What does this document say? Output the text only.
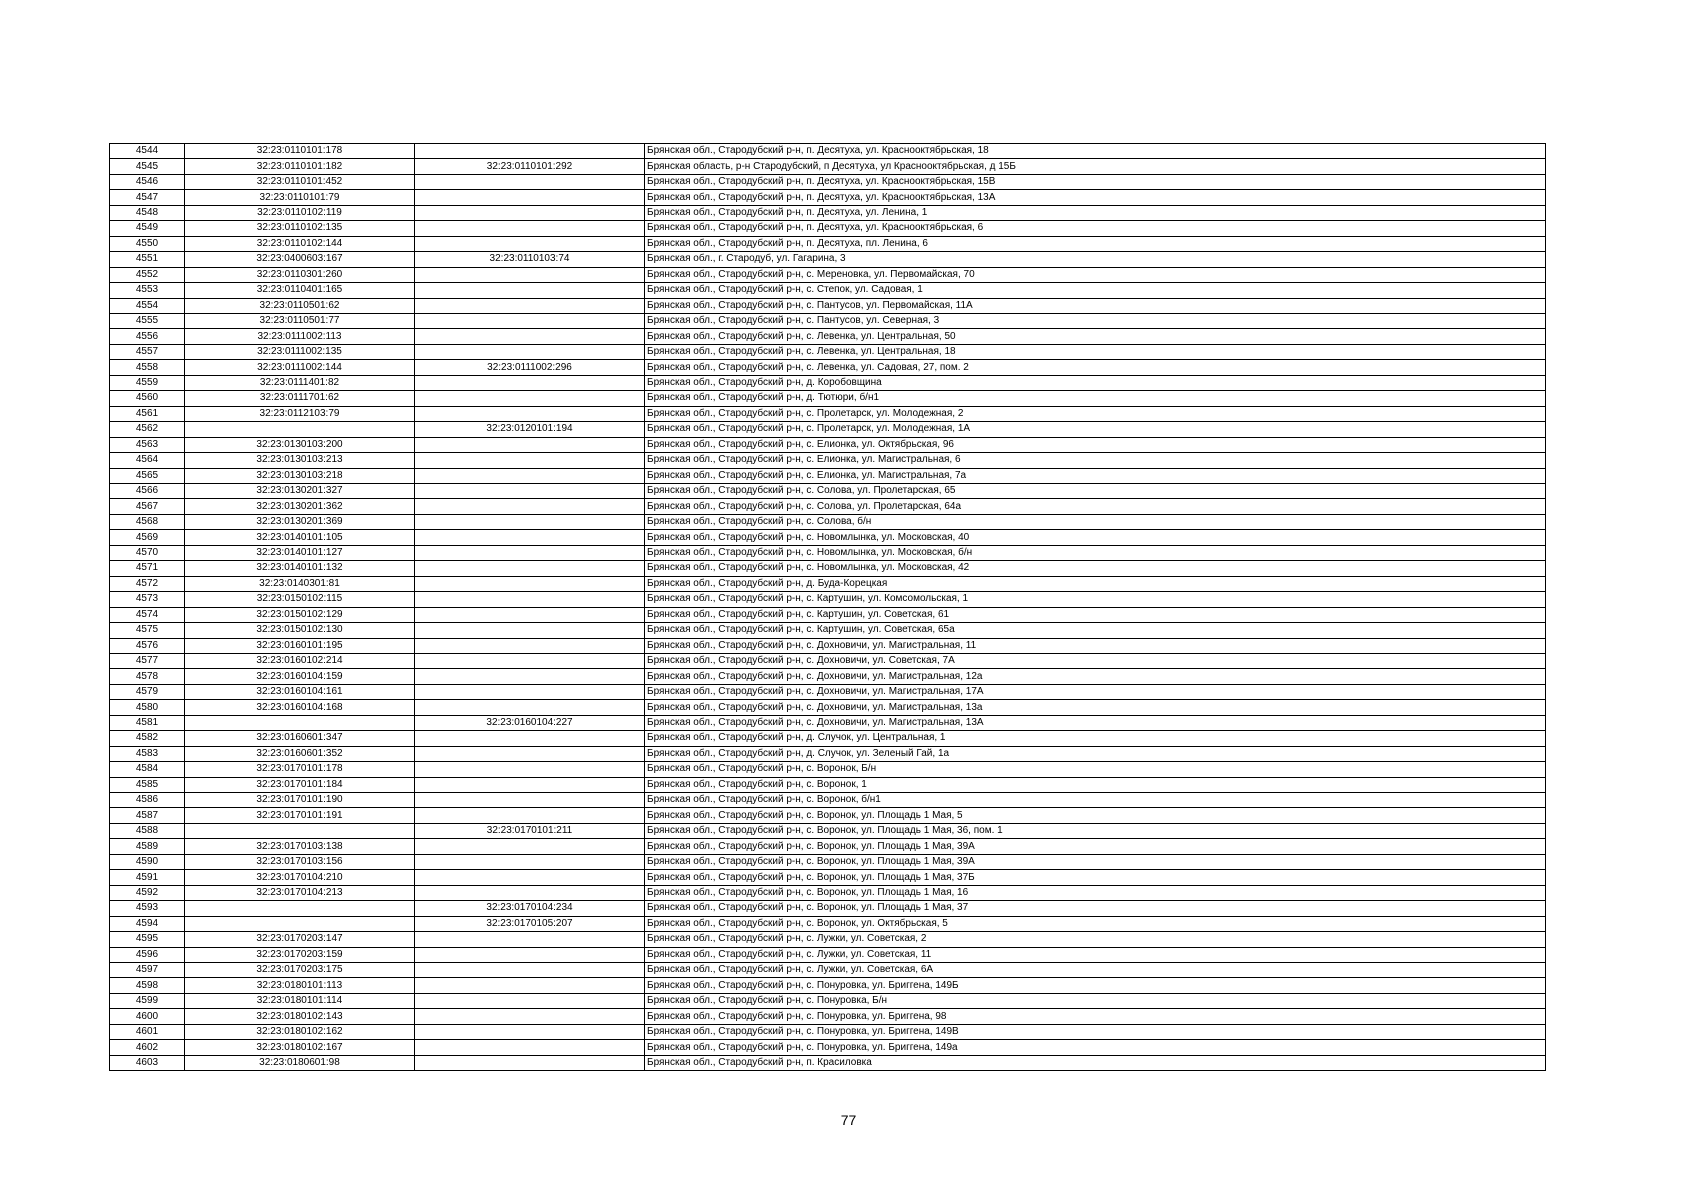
4544	32:23:0110101:178		Брянская обл., Стародубский р-н, п. Десятуха, ул. Краснооктябрьская, 18
4545	32:23:0110101:182	32:23:0110101:292	Брянская область, р-н Стародубский, п Десятуха, ул Краснооктябрьская, д 15Б
4546	32:23:0110101:452		Брянская обл., Стародубский р-н, п. Десятуха, ул. Краснооктябрьская, 15В
4547	32:23:0110101:79		Брянская обл., Стародубский р-н, п. Десятуха, ул. Краснооктябрьская, 13А
4548	32:23:0110102:119		Брянская обл., Стародубский р-н, п. Десятуха, ул. Ленина, 1
4549	32:23:0110102:135		Брянская обл., Стародубский р-н, п. Десятуха, ул. Краснооктябрьская, 6
4550	32:23:0110102:144		Брянская обл., Стародубский р-н, п. Десятуха, пл. Ленина, 6
4551	32:23:0400603:167	32:23:0110103:74	Брянская обл., г. Стародуб, ул. Гагарина, 3
4552	32:23:0110301:260		Брянская обл., Стародубский р-н, с. Мереновка, ул. Первомайская, 70
4553	32:23:0110401:165		Брянская обл., Стародубский р-н, с. Степок, ул. Садовая, 1
4554	32:23:0110501:62		Брянская обл., Стародубский р-н, с. Пантусов, ул. Первомайская, 11А
4555	32:23:0110501:77		Брянская обл., Стародубский р-н, с. Пантусов, ул. Северная, 3
4556	32:23:0111002:113		Брянская обл., Стародубский р-н, с. Левенка, ул. Центральная, 50
4557	32:23:0111002:135		Брянская обл., Стародубский р-н, с. Левенка, ул. Центральная, 18
4558	32:23:0111002:144	32:23:0111002:296	Брянская обл., Стародубский р-н, с. Левенка, ул. Садовая, 27, пом. 2
4559	32:23:0111401:82		Брянская обл., Стародубский р-н, д. Коробовщина
4560	32:23:0111701:62		Брянская обл., Стародубский р-н, д. Тютюри, б/н1
4561	32:23:0112103:79		Брянская обл., Стародубский р-н, с. Пролетарск, ул. Молодежная, 2
4562		32:23:0120101:194	Брянская обл., Стародубский р-н, с. Пролетарск, ул. Молодежная, 1А
4563	32:23:0130103:200		Брянская обл., Стародубский р-н, с. Елионка, ул. Октябрьская, 96
4564	32:23:0130103:213		Брянская обл., Стародубский р-н, с. Елионка, ул. Магистральная, 6
4565	32:23:0130103:218		Брянская обл., Стародубский р-н, с. Елионка, ул. Магистральная, 7а
4566	32:23:0130201:327		Брянская обл., Стародубский р-н, с. Солова, ул. Пролетарская, 65
4567	32:23:0130201:362		Брянская обл., Стародубский р-н, с. Солова, ул. Пролетарская, 64а
4568	32:23:0130201:369		Брянская обл., Стародубский р-н, с. Солова, б/н
4569	32:23:0140101:105		Брянская обл., Стародубский р-н, с. Новомлынка, ул. Московская, 40
4570	32:23:0140101:127		Брянская обл., Стародубский р-н, с. Новомлынка, ул. Московская, б/н
4571	32:23:0140101:132		Брянская обл., Стародубский р-н, с. Новомлынка, ул. Московская, 42
4572	32:23:0140301:81		Брянская обл., Стародубский р-н, д. Буда-Корецкая
4573	32:23:0150102:115		Брянская обл., Стародубский р-н, с. Картушин, ул. Комсомольская, 1
4574	32:23:0150102:129		Брянская обл., Стародубский р-н, с. Картушин, ул. Советская, 61
4575	32:23:0150102:130		Брянская обл., Стародубский р-н, с. Картушин, ул. Советская, 65а
4576	32:23:0160101:195		Брянская обл., Стародубский р-н, с. Дохновичи, ул. Магистральная, 11
4577	32:23:0160102:214		Брянская обл., Стародубский р-н, с. Дохновичи, ул. Советская, 7А
4578	32:23:0160104:159		Брянская обл., Стародубский р-н, с. Дохновичи, ул. Магистральная, 12а
4579	32:23:0160104:161		Брянская обл., Стародубский р-н, с. Дохновичи, ул. Магистральная, 17А
4580	32:23:0160104:168		Брянская обл., Стародубский р-н, с. Дохновичи, ул. Магистральная, 13а
4581		32:23:0160104:227	Брянская обл., Стародубский р-н, с. Дохновичи, ул. Магистральная, 13А
4582	32:23:0160601:347		Брянская обл., Стародубский р-н, д. Случок, ул. Центральная, 1
4583	32:23:0160601:352		Брянская обл., Стародубский р-н, д. Случок, ул. Зеленый Гай, 1а
4584	32:23:0170101:178		Брянская обл., Стародубский р-н, с. Воронок, Б/н
4585	32:23:0170101:184		Брянская обл., Стародубский р-н, с. Воронок, 1
4586	32:23:0170101:190		Брянская обл., Стародубский р-н, с. Воронок, б/н1
4587	32:23:0170101:191		Брянская обл., Стародубский р-н, с. Воронок, ул. Площадь 1 Мая, 5
4588		32:23:0170101:211	Брянская обл., Стародубский р-н, с. Воронок, ул. Площадь 1 Мая, 36, пом. 1
4589	32:23:0170103:138		Брянская обл., Стародубский р-н, с. Воронок, ул. Площадь 1 Мая, 39А
4590	32:23:0170103:156		Брянская обл., Стародубский р-н, с. Воронок, ул. Площадь 1 Мая, 39А
4591	32:23:0170104:210		Брянская обл., Стародубский р-н, с. Воронок, ул. Площадь 1 Мая, 37Б
4592	32:23:0170104:213		Брянская обл., Стародубский р-н, с. Воронок, ул. Площадь 1 Мая, 16
4593		32:23:0170104:234	Брянская обл., Стародубский р-н, с. Воронок, ул. Площадь 1 Мая, 37
4594		32:23:0170105:207	Брянская обл., Стародубский р-н, с. Воронок, ул. Октябрьская, 5
4595	32:23:0170203:147		Брянская обл., Стародубский р-н, с. Лужки, ул. Советская, 2
4596	32:23:0170203:159		Брянская обл., Стародубский р-н, с. Лужки, ул. Советская, 11
4597	32:23:0170203:175		Брянская обл., Стародубский р-н, с. Лужки, ул. Советская, 6А
4598	32:23:0180101:113		Брянская обл., Стародубский р-н, с. Понуровка, ул. Бриггена, 149Б
4599	32:23:0180101:114		Брянская обл., Стародубский р-н, с. Понуровка, Б/н
4600	32:23:0180102:143		Брянская обл., Стародубский р-н, с. Понуровка, ул. Бриггена, 98
4601	32:23:0180102:162		Брянская обл., Стародубский р-н, с. Понуровка, ул. Бриггена, 149В
4602	32:23:0180102:167		Брянская обл., Стародубский р-н, с. Понуровка, ул. Бриггена, 149а
4603	32:23:0180601:98		Брянская обл., Стародубский р-н, п. Красиловка
77
